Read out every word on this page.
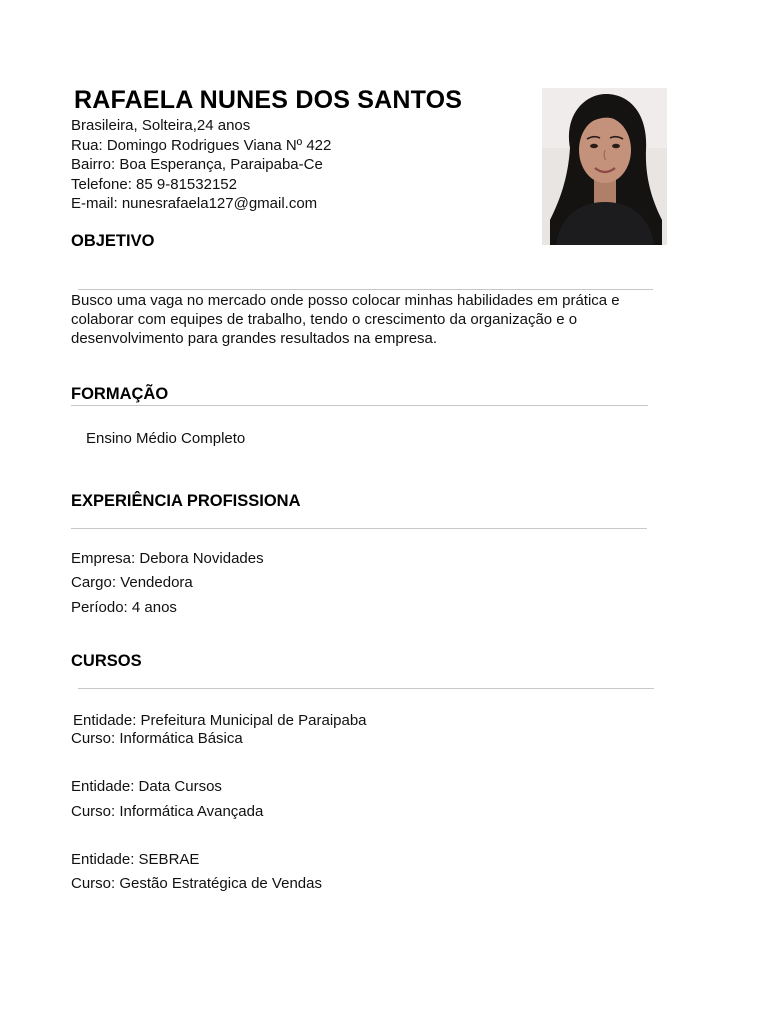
RAFAELA NUNES DOS SANTOS
Brasileira, Solteira,24 anos
Rua: Domingo Rodrigues Viana Nº 422
Bairro: Boa Esperança, Paraipaba-Ce
Telefone: 85 9-81532152
E-mail: nunesrafaela127@gmail.com
OBJETIVO
Busco uma vaga no mercado onde posso colocar minhas habilidades em prática e colaborar com equipes de trabalho, tendo o crescimento da organização e o desenvolvimento para grandes resultados na empresa.
FORMAÇÃO
Ensino Médio Completo
EXPERIÊNCIA PROFISSIONA
Empresa: Debora Novidades
Cargo: Vendedora
Período: 4 anos
CURSOS
Entidade: Prefeitura Municipal de Paraipaba
Curso: Informática Básica
Entidade: Data Cursos
Curso: Informática Avançada
Entidade: SEBRAE
Curso: Gestão Estratégica de Vendas
